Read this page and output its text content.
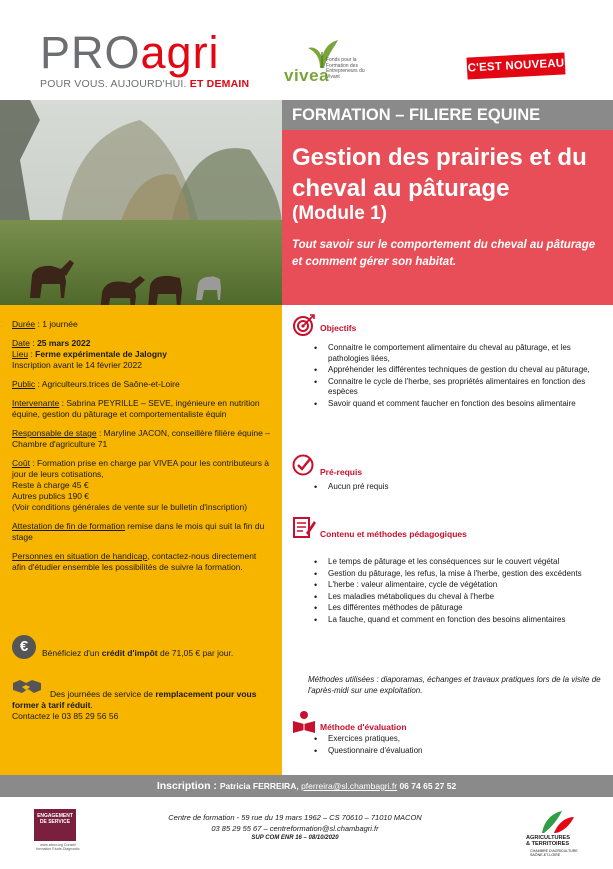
PROagri
POUR VOUS. AUJOURD'HUI. ET DEMAIN vivea
Fonds pour la Formation des Entrepreneurs du Vivant
C'EST NOUVEAU !
FORMATION – FILIERE EQUINE
Gestion des prairies et du cheval au pâturage
(Module 1)
Tout savoir sur le comportement du cheval au pâturage et comment gérer son habitat.

Durée : 1 journée

Date : 25 mars 2022
Lieu : Ferme expérimentale de Jalogny
Inscription avant le 14 février 2022

Public : Agriculteurs.trices de Saône-et-Loire

Intervenante : Sabrina PEYRILLE – SEVE, ingénieure en nutrition équine, gestion du pâturage et comportementaliste équin

Responsable de stage : Maryline JACON, conseillère filière équine – Chambre d'agriculture 71

Coût : Formation prise en charge par VIVEA pour les contributeurs à jour de leurs cotisations,
Reste à charge 45 €
Autres publics 190 €
(Voir conditions générales de vente sur le bulletin d'inscription)

Attestation de fin de formation remise dans le mois qui suit la fin du stage

Personnes en situation de handicap, contactez-nous directement afin d'étudier ensemble les possibilités de suivre la formation.

€	Bénéficiez d'un crédit d'impôt de 71,05 € par jour.
Des journées de service de remplacement pour vous former à tarif réduit.
Contactez le 03 85 29 56 56
Objectifs
• Connaitre le comportement alimentaire du cheval au pâturage, et les pathologies liées,
• Appréhender les différentes techniques de gestion du cheval au pâturage,
• Connaitre le cycle de l'herbe, ses propriétés alimentaires en fonction des espèces
• Savoir quand et comment faucher en fonction des besoins alimentaire
Pré-requis
• Aucun pré requis
Contenu et méthodes pédagogiques
• Le temps de pâturage et les conséquences sur le couvert végétal
• Gestion du pâturage, les refus, la mise à l'herbe, gestion des excédents
• L'herbe : valeur alimentaire, cycle de végétation
• Les maladies métaboliques du cheval à l'herbe
• Les différentes méthodes de pâturage
• La fauche, quand et comment en fonction des besoins alimentaires
Méthodes utilisées : diaporamas, échanges et travaux pratiques lors de la visite de l'après-midi sur une exploitation.
Méthode d'évaluation
• Exercices pratiques,
• Questionnaire d'évaluation
Inscription : Patricia FERREIRA, pferreira@sl.chambagri.fr 06 74 65 27 52
ENGAGEMENT DE SERVICE
www.afnor.org Conseil formation Etude-Diagnostic
Centre de formation - 59 rue du 19 mars 1962 – CS 70610 – 71010 MACON
03 85 29 55 67 – centreformation@sl.chambagri.fr
SUP COM ENR 16 – 08/10/2020	AGRICULTURES
& TERRITOIRES
CHAMBRE D'AGRICULTURE SAÔNE-ET-LOIRE
